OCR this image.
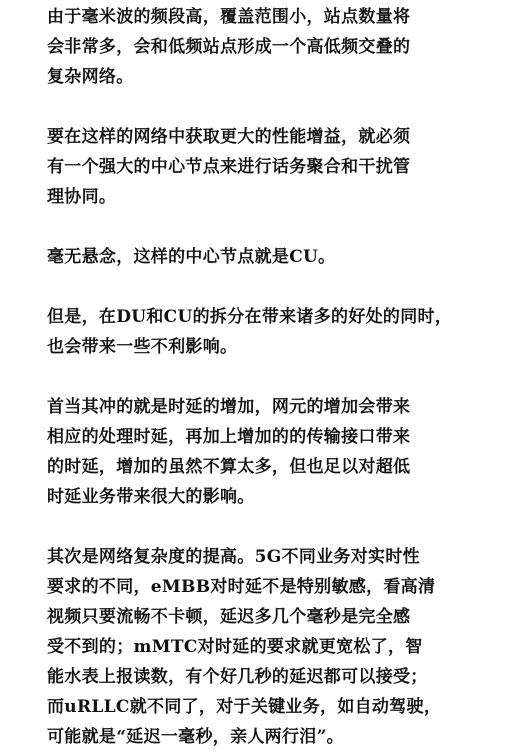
由于毫米波的频段高，覆盖范围小，站点数量将
会非常多，会和低频站点形成一个高低频交叠的
复杂网络。

要在这样的网络中获取更大的性能增益，就必须
有一个强大的中心节点来进行话务聚合和干扰管
理协同。

毫无悬念，这样的中心节点就是CU。

但是，在DU和CU的拆分在带来诸多的好处的同时，
也会带来一些不利影响。

首当其冲的就是时延的增加，网元的增加会带来
相应的处理时延，再加上增加的的传输接口带来
的时延，增加的虽然不算太多，但也足以对超低
时延业务带来很大的影响。

其次是网络复杂度的提高。5G不同业务对实时性
要求的不同，eMBB对时延不是特别敏感，看高清
视频只要流畅不卡顿，延迟多几个毫秒是完全感
受不到的；mMTC对时延的要求就更宽松了，智
能水表上报读数，有个好几秒的延迟都可以接受；
而uRLLC就不同了，对于关键业务，如自动驾驶，
可能就是“延迟一毫秒，亲人两行泪”。
